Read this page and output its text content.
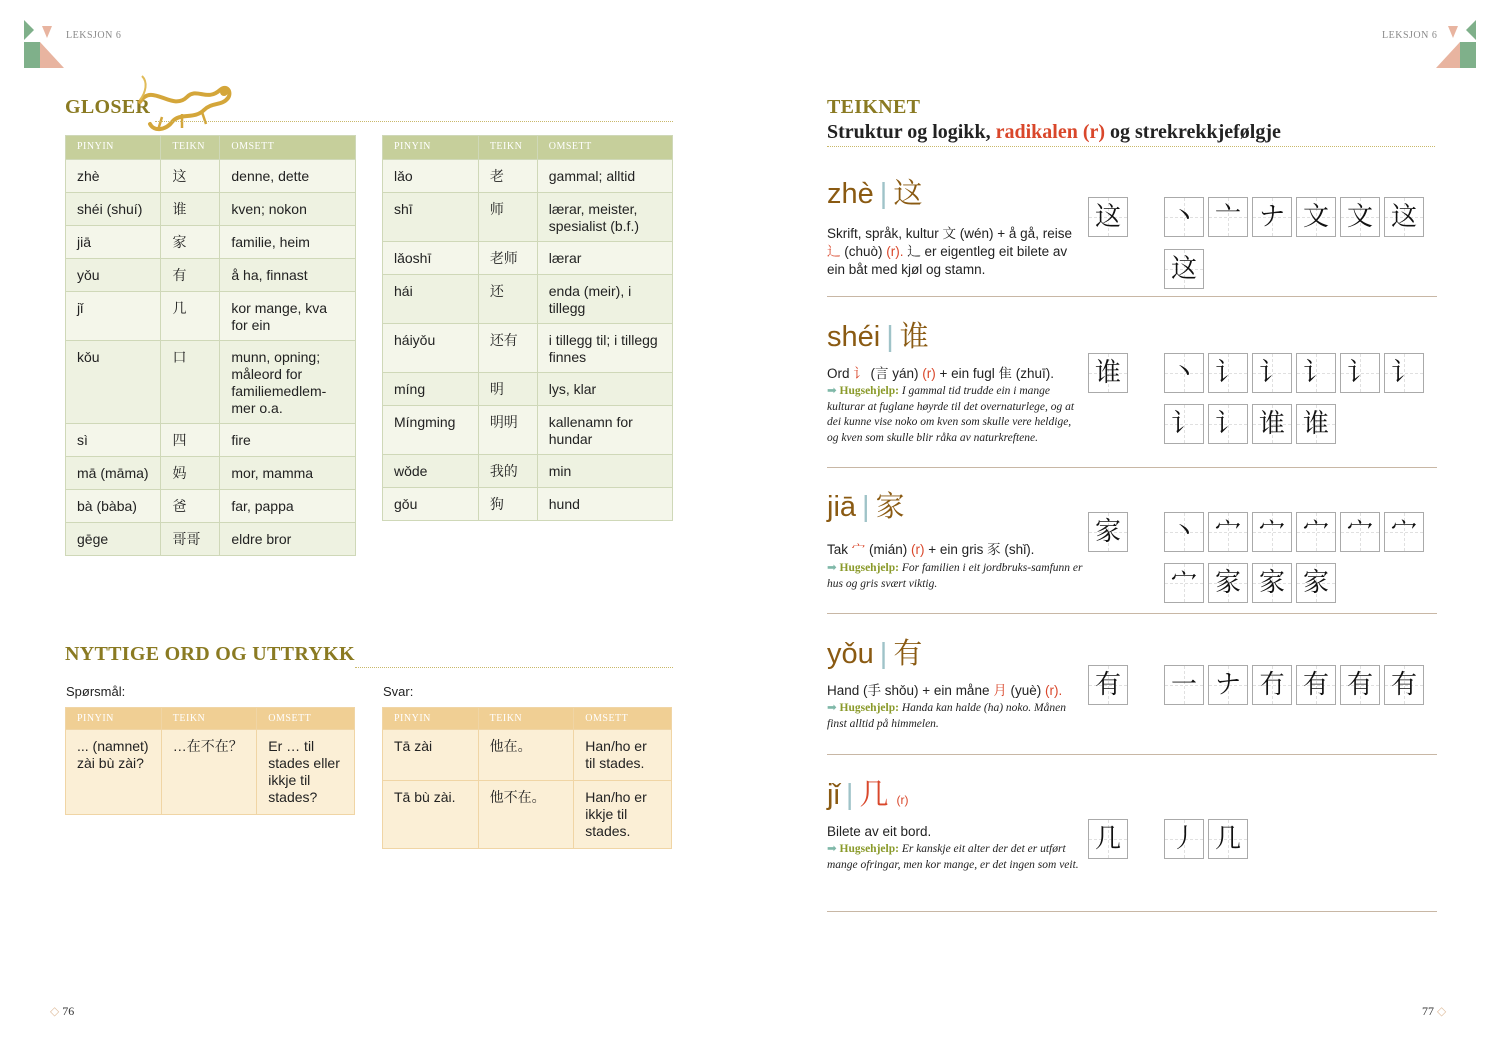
LEKSJON 6
GLOSER
PINYIN	TEIKN	OMSETT
zhè	这	denne, dette
shéi (shuí)	谁	kven; nokon
jiā	家	familie, heim
yǒu	有	å ha, finnast
jǐ	几	kor mange, kva for ein
kǒu	口	munn, opning; måleord for familiemedlem-mer o.a.
sì	四	fire
mā (māma)	妈	mor, mamma
bà (bàba)	爸	far, pappa
gēge	哥哥	eldre bror
PINYIN	TEIKN	OMSETT
lǎo	老	gammal; alltid
shī	师	lærar, meister, spesialist (b.f.)
lǎoshī	老师	lærar
hái	还	enda (meir), i tillegg
háiyǒu	还有	i tillegg til; i tillegg finnes
míng	明	lys, klar
Míngming	明明	kallenamn for hundar
wǒde	我的	min
gǒu	狗	hund
NYTTIGE ORD OG UTTRYKK
Spørsmål:	Svar:
PINYIN	TEIKN	OMSETT
... (namnet) zài bù zài?	…在不在？	Er … til stades eller ikkje til stades?
PINYIN	TEIKN	OMSETT
Tā zài	他在。	Han/ho er til stades.
Tā bù zài.	他不在。	Han/ho er ikkje til stades.
◇ 76
LEKSJON 6
TEIKNET
Struktur og logikk, radikalen (r) og strekrekkjefølgje
zhè | 这
Skrift, språk, kultur 文 (wén) + å gå, reise
辶 (chuò) (r). 辶 er eigentleg eit bilete av ein båt med kjøl og stamn.
这 丶 亠 ナ 文 文 这
这
shéi | 谁
Ord 讠 (言 yán) (r) + ein fugl 隹 (zhuī).
➡ Hugsehjelp: I gammal tid trudde ein i mange kulturar at fuglane høyrde til det overnaturlege, og at dei kunne vise noko om kven som skulle vere heldige, og kven som skulle blir råka av naturkreftene.
谁 丶 讠 讠 讠 讠 讠
讠 讠 谁 谁
jiā | 家
Tak 宀 (mián) (r) + ein gris 豕 (shǐ).
➡ Hugsehjelp: For familien i eit jordbruks-samfunn er hus og gris svært viktig.
家 丶 宀 宀 宀 宀 宀
宀 家 家 家
yǒu | 有
Hand (手 shǒu) + ein måne 月 (yuè) (r).
➡ Hugsehjelp: Handa kan halde (ha) noko. Månen finst alltid på himmelen.
有 一 ナ 冇 有 有 有
jǐ | 几 (r)
Bilete av eit bord.
➡ Hugsehjelp: Er kanskje eit alter der det er utført mange ofringar, men kor mange, er det ingen som veit.
几 丿 几
77 ◇
